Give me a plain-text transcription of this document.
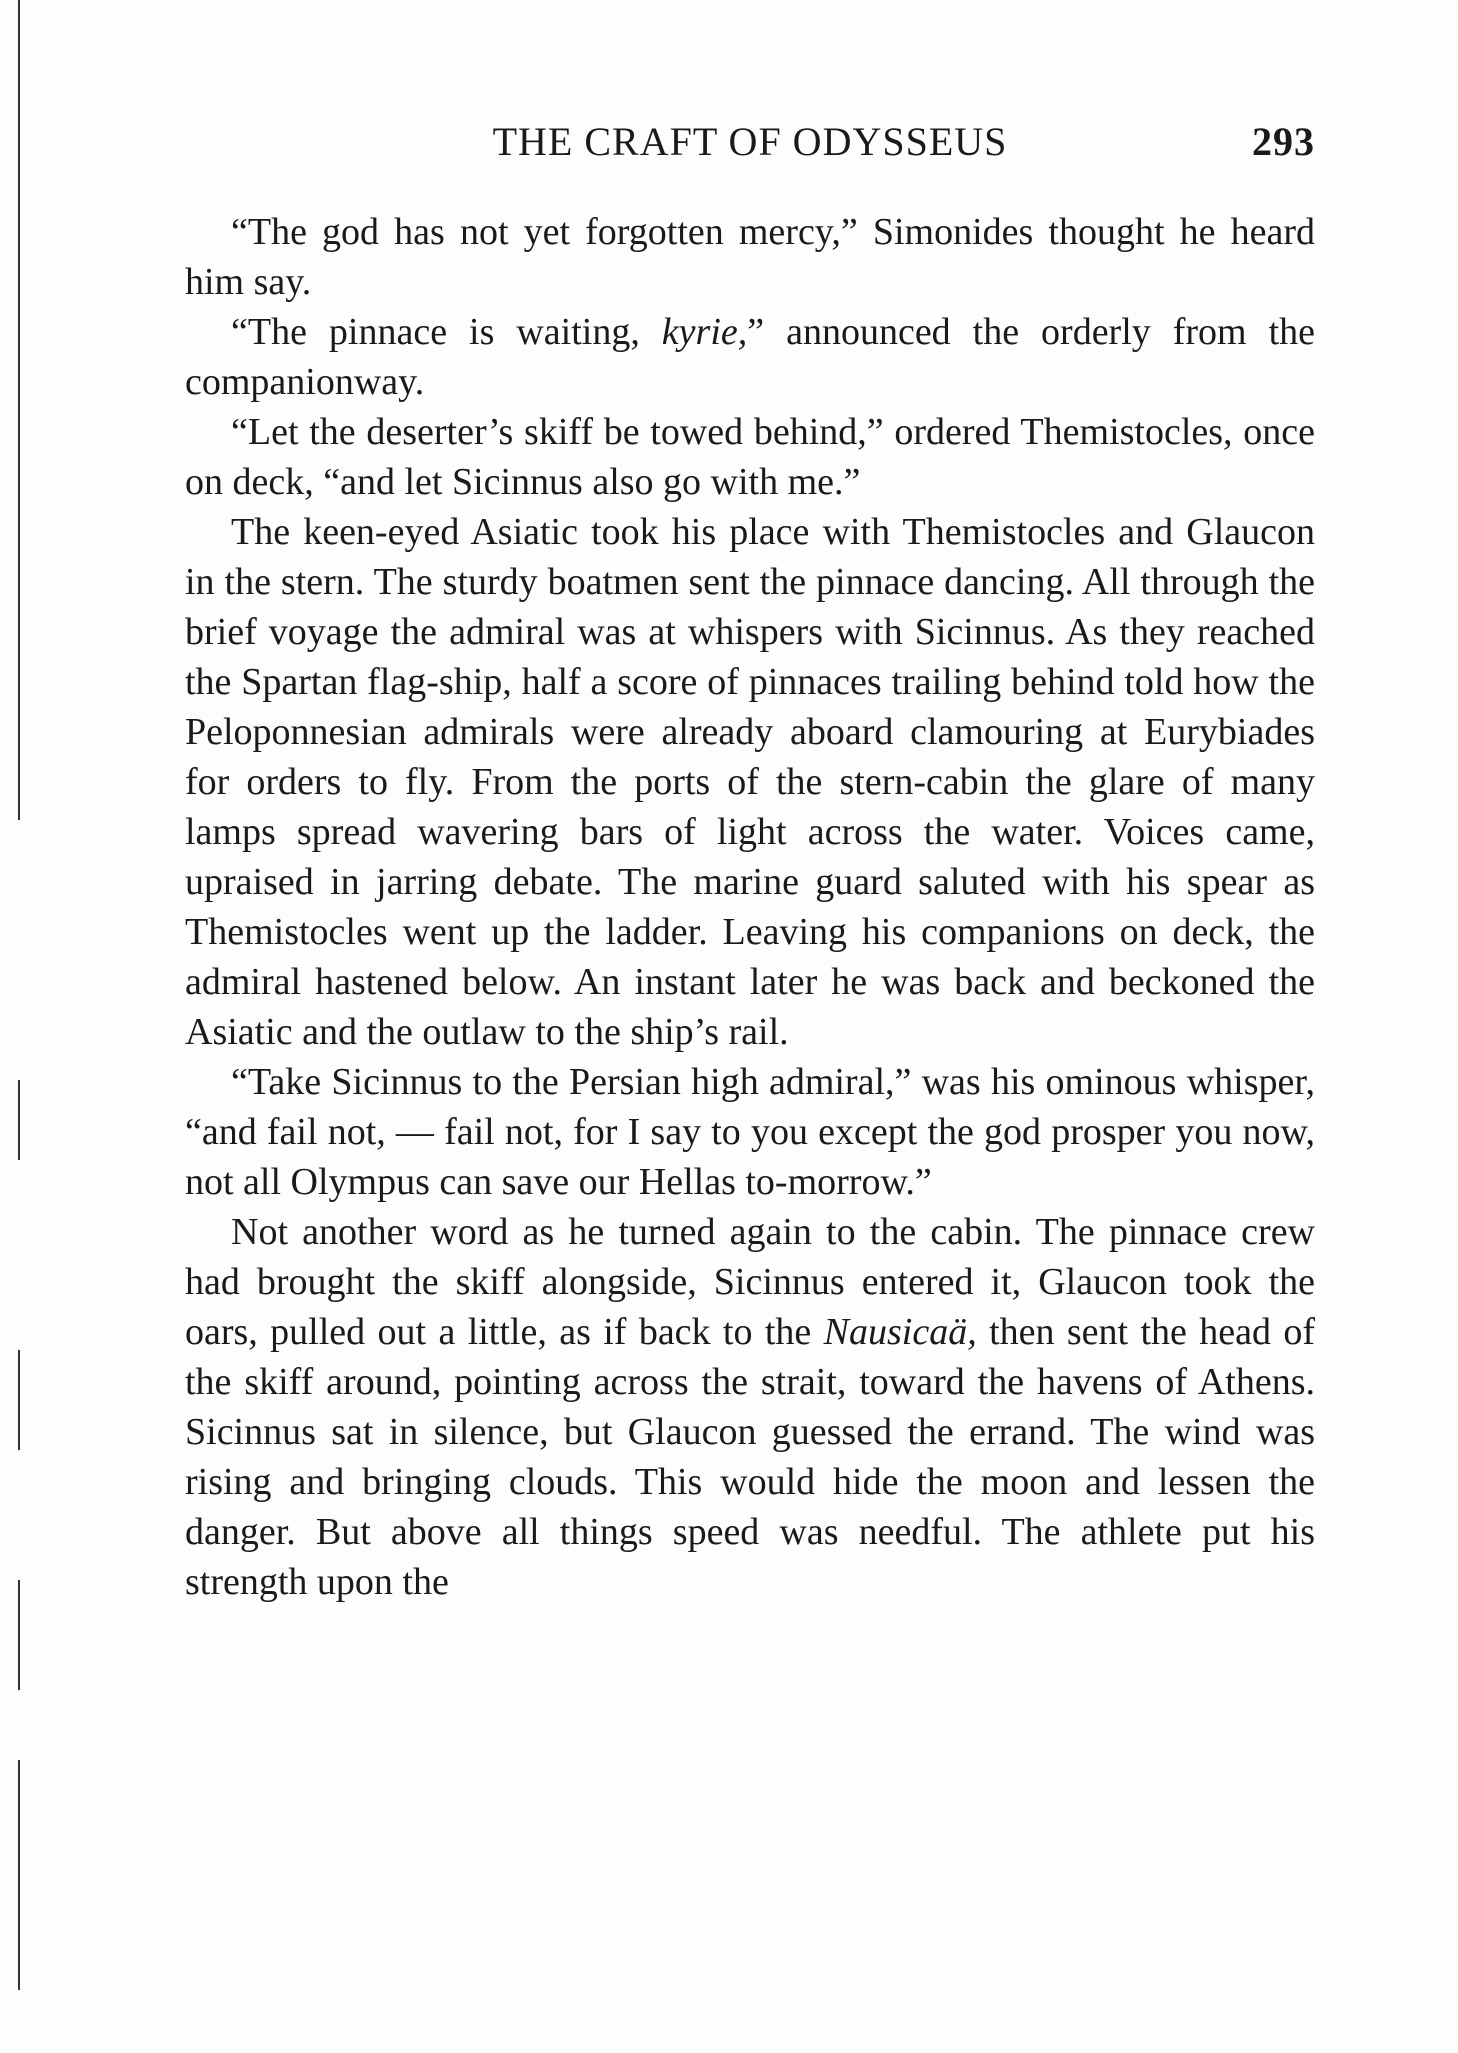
THE CRAFT OF ODYSSEUS	293

“The god has not yet forgotten mercy,” Simonides thought he heard him say.

“The pinnace is waiting, kyrie,” announced the orderly from the companionway.

“Let the deserter’s skiff be towed behind,” ordered Themistocles, once on deck, “and let Sicinnus also go with me.”

The keen-eyed Asiatic took his place with Themistocles and Glaucon in the stern. The sturdy boatmen sent the pinnace dancing. All through the brief voyage the admiral was at whispers with Sicinnus. As they reached the Spartan flag-ship, half a score of pinnaces trailing behind told how the Peloponnesian admirals were already aboard clamouring at Eurybiades for orders to fly. From the ports of the stern-cabin the glare of many lamps spread wavering bars of light across the water. Voices came, upraised in jarring debate. The marine guard saluted with his spear as Themistocles went up the ladder. Leaving his companions on deck, the admiral hastened below. An instant later he was back and beckoned the Asiatic and the outlaw to the ship’s rail.

“Take Sicinnus to the Persian high admiral,” was his ominous whisper, “and fail not, — fail not, for I say to you except the god prosper you now, not all Olympus can save our Hellas to-morrow.”

Not another word as he turned again to the cabin. The pinnace crew had brought the skiff alongside, Sicinnus entered it, Glaucon took the oars, pulled out a little, as if back to the Nausicaä, then sent the head of the skiff around, pointing across the strait, toward the havens of Athens. Sicinnus sat in silence, but Glaucon guessed the errand. The wind was rising and bringing clouds. This would hide the moon and lessen the danger. But above all things speed was needful. The athlete put his strength upon the
